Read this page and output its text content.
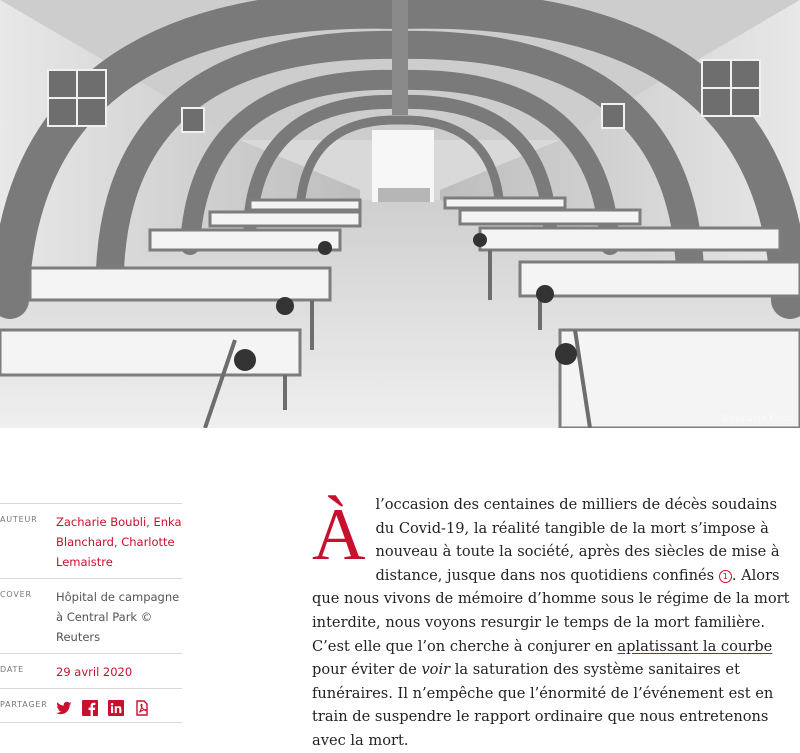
Stephanie Keith
AUTEUR	Zacharie Boubli, Enka Blanchard, Charlotte Lemaistre
COVER	Hôpital de campagne à Central Park © Reuters
DATE	29 avril 2020
PARTAGER

Àl’occasion des centaines de milliers de décès soudains du Covid-19, la réalité tangible de la mort s’impose à nouveau à toute la société, après des siècles de mise à distance, jusque dans nos quotidiens confinés 1 . Alors que nous vivons de mémoire d’homme sous le régime de la mort interdite, nous voyons resurgir le temps de la mort familière. C’est elle que l’on cherche à conjurer en aplatissant la courbe pour éviter de voir la saturation des système sanitaires et funéraires. Il n’empêche que l’énormité de l’événement est en train de suspendre le rapport ordinaire que nous entretenons avec la mort.
